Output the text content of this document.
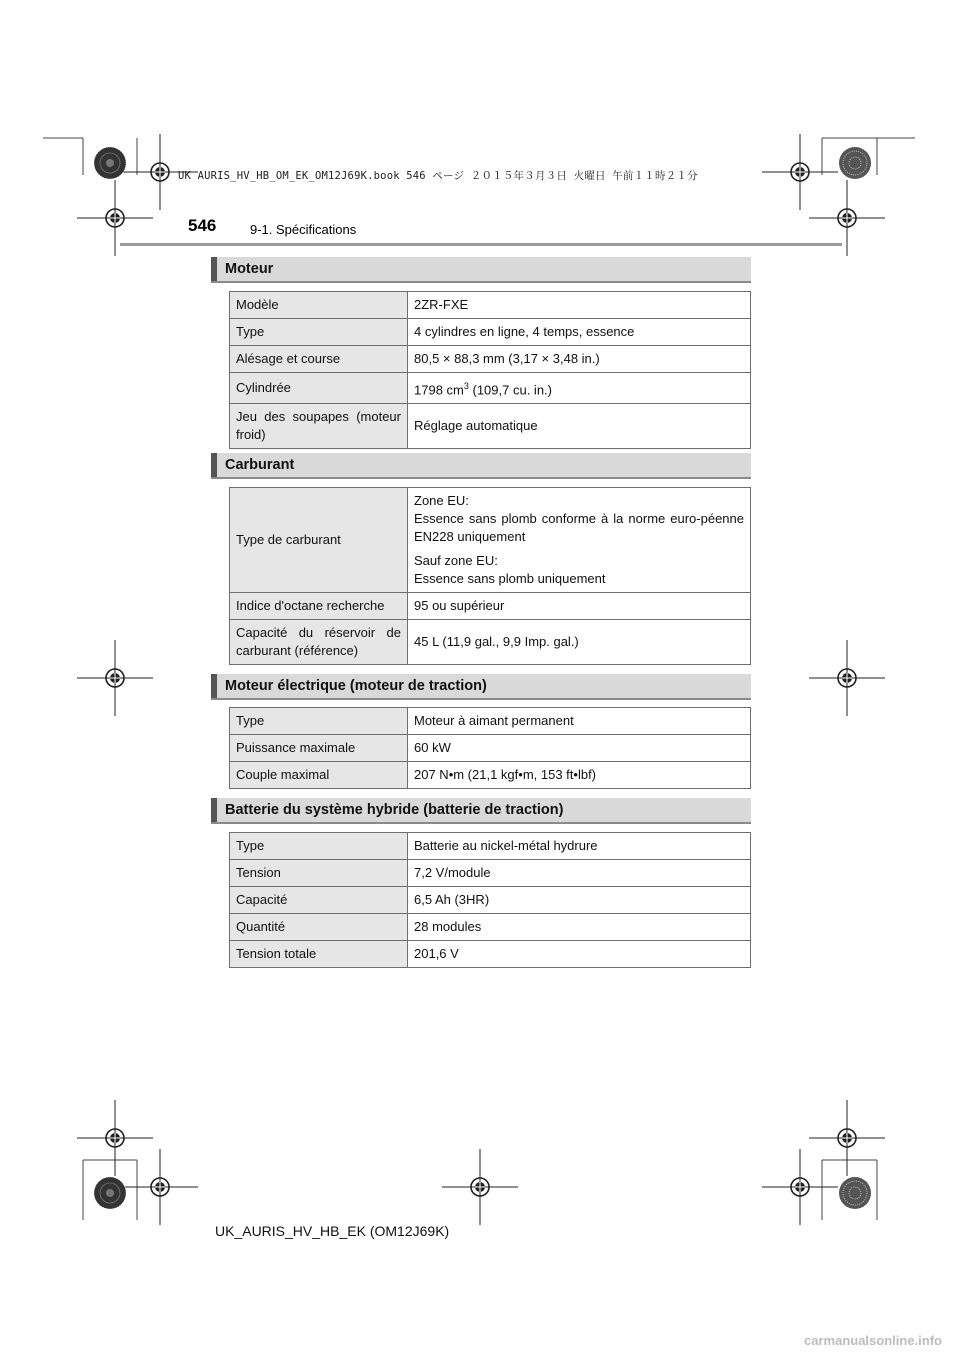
UK AURIS_HV_HB_OM_EK_OM12J69K.book 546 ページ ２０１５年３月３日 火曜日 午前１１時２１分
546	9-1. Spécifications
Moteur
Modèle	2ZR-FXE
Type	4 cylindres en ligne, 4 temps, essence
Alésage et course	80,5 × 88,3 mm (3,17 × 3,48 in.)
Cylindrée	1798 $cm^3$ (109,7 cu. in.)
Jeu des soupapes (moteur froid)	Réglage automatique
Carburant
Type de carburant	Zone EU:
Essence sans plomb conforme à la norme euro-péenne EN228 uniquement
Sauf zone EU:
Essence sans plomb uniquement

Indice d'octane recherche	95 ou supérieur
Capacité du réservoir de carburant (référence)	45 L (11,9 gal., 9,9 Imp. gal.)
Moteur électrique (moteur de traction)
Type	Moteur à aimant permanent
Puissance maximale	60 kW
Couple maximal	207 N•m (21,1 kgf•m, 153 ft•lbf)
Batterie du système hybride (batterie de traction)
Type	Batterie au nickel-métal hydrure
Tension	7,2 V/module
Capacité	6,5 Ah (3HR)
Quantité	28 modules
Tension totale	201,6 V
UK_AURIS_HV_HB_EK (OM12J69K)
carmanualsonline.info
